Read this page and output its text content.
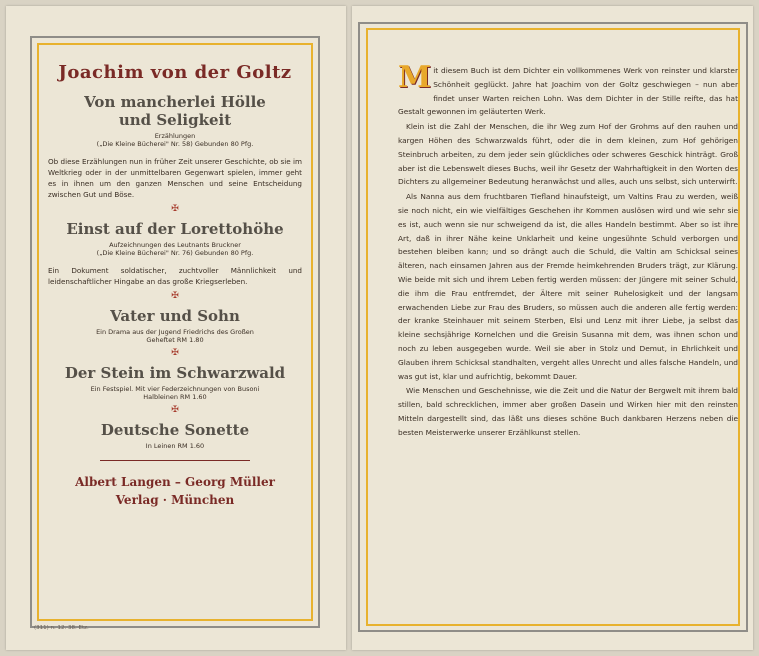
Joachim von der Goltz
Von mancherlei Hölle
und Seligkeit
Erzählungen
(„Die Kleine Bücherei" Nr. 58) Gebunden 80 Pfg.
Ob diese Erzählungen nun in früher Zeit unserer Geschichte, ob sie im Weltkrieg oder in der unmittelbaren Gegenwart spielen, immer geht es in ihnen um den ganzen Menschen und seine Entscheidung zwischen Gut und Böse.
✠
Einst auf der Lorettohöhe
Aufzeichnungen des Leutnants Bruckner
(„Die Kleine Bücherei" Nr. 76) Gebunden 80 Pfg.
Ein Dokument soldatischer, zuchtvoller Männlichkeit und leidenschaftlicher Hingabe an das große Kriegserleben.
✠
Vater und Sohn
Ein Drama aus der Jugend Friedrichs des Großen
Geheftet RM 1.80
✠
Der Stein im Schwarzwald
Ein Festspiel. Mit vier Federzeichnungen von Busoni
Halbleinen RM 1.60
✠
Deutsche Sonette
In Leinen RM 1.60
Albert Langen – Georg Müller
Verlag · München
(311) n. 12. 38. Etz.

Mit diesem Buch ist dem Dichter ein vollkommenes Werk von reinster und klarster Schönheit geglückt. Jahre hat Joachim von der Goltz geschwiegen – nun aber findet unser Warten reichen Lohn. Was dem Dichter in der Stille reifte, das hat Gestalt gewonnen im geläuterten Werk.

Klein ist die Zahl der Menschen, die ihr Weg zum Hof der Grohms auf den rauhen und kargen Höhen des Schwarzwalds führt, oder die in dem kleinen, zum Hof gehörigen Steinbruch arbeiten, zu dem jeder sein glückliches oder schweres Geschick hinträgt. Groß aber ist die Lebenswelt dieses Buchs, weil ihr Gesetz der Wahrhaftigkeit in den Worten des Dichters zu allgemeiner Bedeutung heranwächst und alles, auch uns selbst, sich unterwirft.

Als Nanna aus dem fruchtbaren Tiefland hinaufsteigt, um Valtins Frau zu werden, weiß sie noch nicht, ein wie vielfältiges Geschehen ihr Kommen auslösen wird und wie sehr sie es ist, auch wenn sie nur schweigend da ist, die alles Handeln bestimmt. Aber so ist ihre Art, daß in ihrer Nähe keine Unklarheit und keine ungesühnte Schuld verborgen und bestehen bleiben kann; und so drängt auch die Schuld, die Valtin am Schicksal seines älteren, nach einsamen Jahren aus der Fremde heimkehrenden Bruders trägt, zur Klärung. Wie beide mit sich und ihrem Leben fertig werden müssen: der Jüngere mit seiner Schuld, die ihm die Frau entfremdet, der Ältere mit seiner Ruhelosigkeit und der langsam erwachenden Liebe zur Frau des Bruders, so müssen auch die anderen alle fertig werden: der kranke Steinhauer mit seinem Sterben, Elsi und Lenz mit ihrer Liebe, ja selbst das kleine sechsjährige Kornelchen und die Greisin Susanna mit dem, was ihnen schon und noch zu leben ausgegeben wurde. Weil sie aber in Stolz und Demut, in Ehrlichkeit und Glauben ihrem Schicksal standhalten, vergeht alles Unrecht und alles falsche Handeln, und was gut ist, klar und aufrichtig, bekommt Dauer.

Wie Menschen und Geschehnisse, wie die Zeit und die Natur der Bergwelt mit ihrem bald stillen, bald schrecklichen, immer aber großen Dasein und Wirken hier mit den reinsten Mitteln dargestellt sind, das läßt uns dieses schöne Buch dankbaren Herzens neben die besten Meisterwerke unserer Erzählkunst stellen.
